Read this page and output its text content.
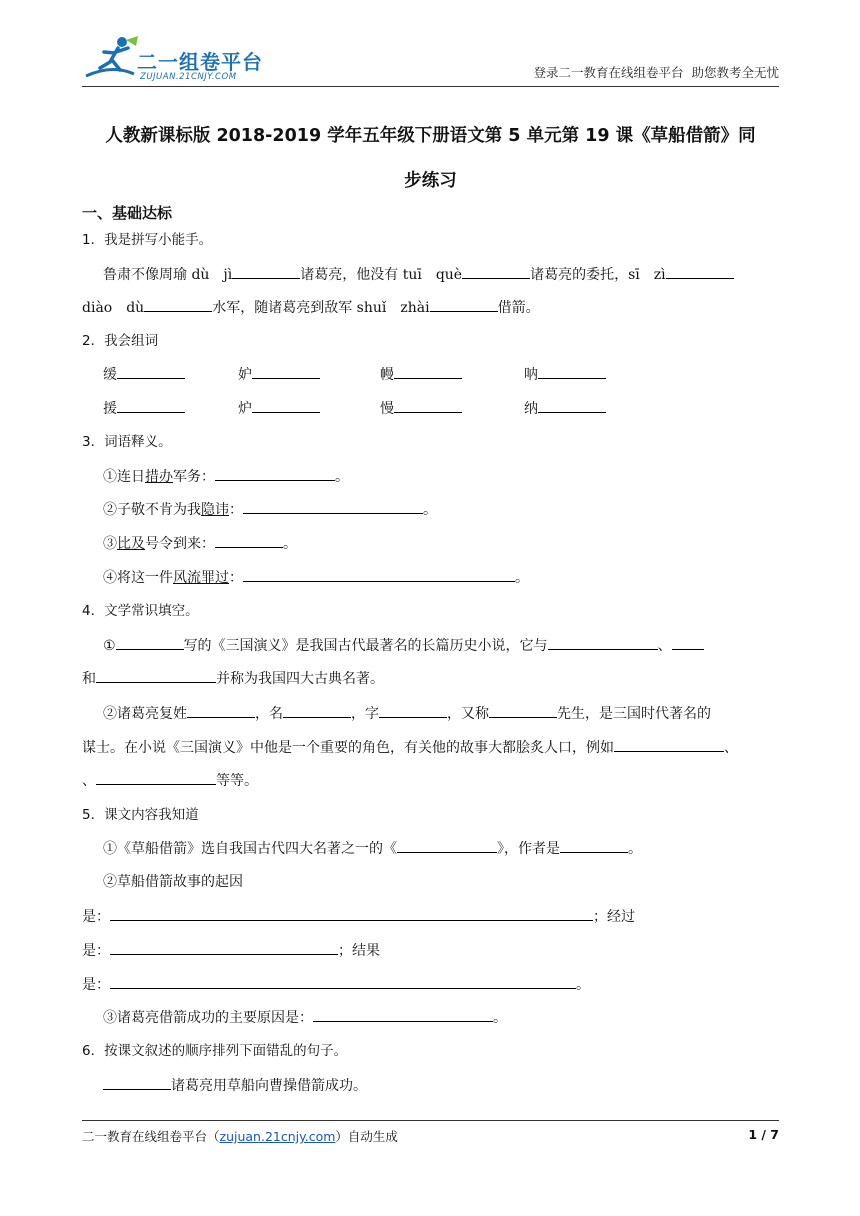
二一组卷平台
ZUJUAN.21CNJY.COM	登录二一教育在线组卷平台  助您教考全无忧
人教新课标版 2018-2019 学年五年级下册语文第 5 单元第 19 课《草船借箭》同
步练习
一、基础达标
1．我是拼写小能手。
鲁肃不像周瑜 dù　jì	诸葛亮，他没有 tuī　què	诸葛亮的委托，sī　zì
diào　dù	水军，随诸葛亮到敌军 shuǐ　zhài	借箭。
2．我会组词
缓	妒	幔	呐
援	炉	慢	纳
3．词语释义。
①连日措办军务：	。
②子敬不肯为我隐讳：	。
③比及号令到来：	。
④将这一件风流罪过：	。
4．文学常识填空。
①	写的《三国演义》是我国古代最著名的长篇历史小说，它与	、
和	并称为我国四大古典名著。
②诸葛亮复姓	，名	，字	，又称	先生，是三国时代著名的
谋士。在小说《三国演义》中他是一个重要的角色，有关他的故事大都脍炙人口，例如	、
、	等等。
5．课文内容我知道
①《草船借箭》选自我国古代四大名著之一的《	》，作者是	。
②草船借箭故事的起因
是：	；经过
是：	；结果
是：	。
③诸葛亮借箭成功的主要原因是：	。
6．按课文叙述的顺序排列下面错乱的句子。
诸葛亮用草船向曹操借箭成功。
二一教育在线组卷平台（zujuan.21cnjy.com）自动生成	1 / 7
